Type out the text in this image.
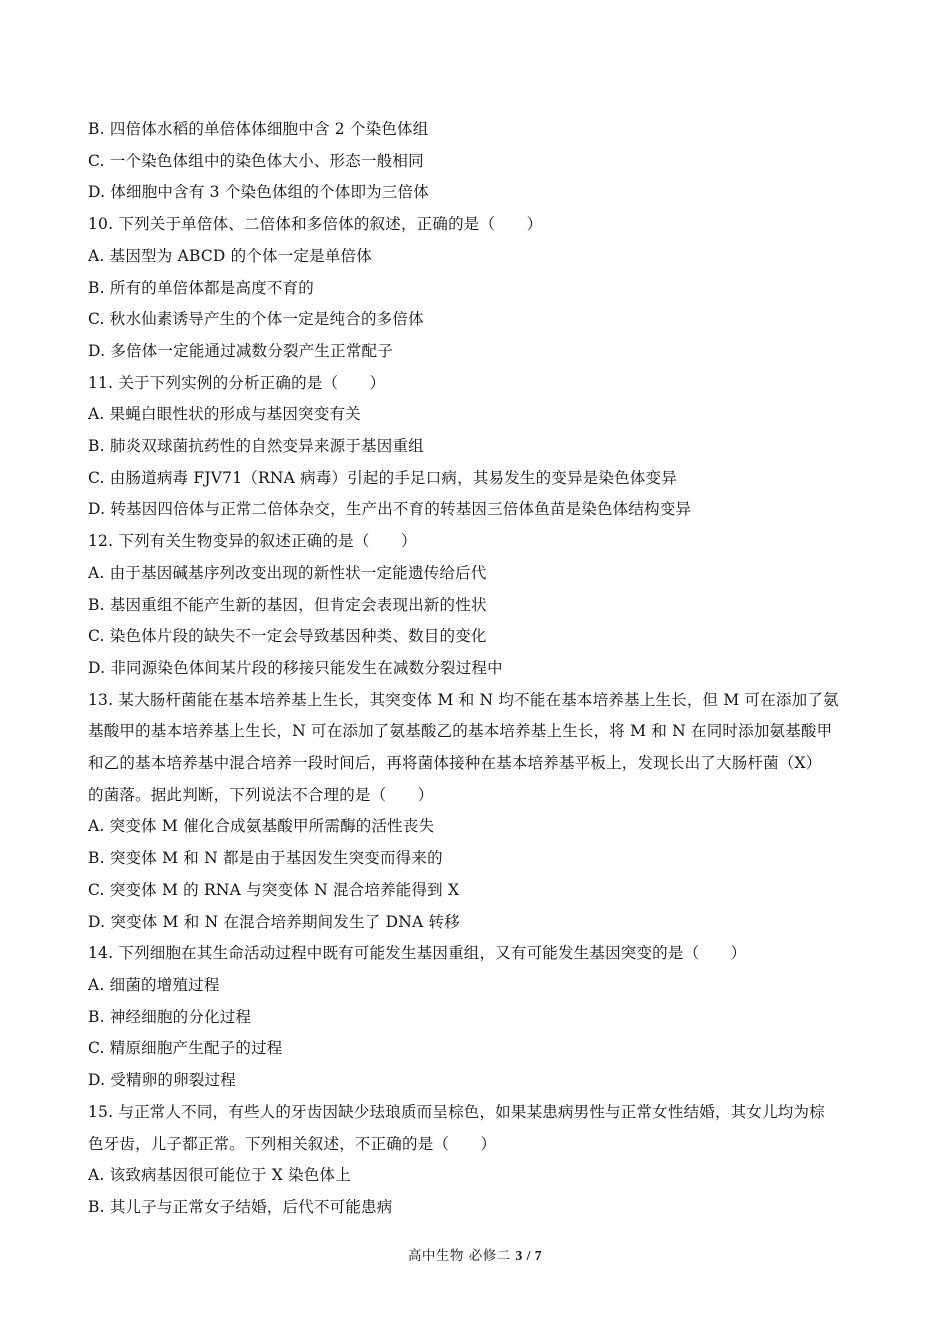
B. 四倍体水稻的单倍体体细胞中含 2 个染色体组
C. 一个染色体组中的染色体大小、形态一般相同
D. 体细胞中含有 3 个染色体组的个体即为三倍体
10. 下列关于单倍体、二倍体和多倍体的叙述，正确的是（　　）
A. 基因型为 ABCD 的个体一定是单倍体
B. 所有的单倍体都是高度不育的
C. 秋水仙素诱导产生的个体一定是纯合的多倍体
D. 多倍体一定能通过减数分裂产生正常配子
11. 关于下列实例的分析正确的是（　　）
A. 果蝇白眼性状的形成与基因突变有关
B. 肺炎双球菌抗药性的自然变异来源于基因重组
C. 由肠道病毒 FJV71（RNA 病毒）引起的手足口病，其易发生的变异是染色体变异
D. 转基因四倍体与正常二倍体杂交，生产出不育的转基因三倍体鱼苗是染色体结构变异
12. 下列有关生物变异的叙述正确的是（　　）
A. 由于基因碱基序列改变出现的新性状一定能遗传给后代
B. 基因重组不能产生新的基因，但肯定会表现出新的性状
C. 染色体片段的缺失不一定会导致基因种类、数目的变化
D. 非同源染色体间某片段的移接只能发生在减数分裂过程中
13. 某大肠杆菌能在基本培养基上生长，其突变体 M 和 N 均不能在基本培养基上生长，但 M 可在添加了氨
基酸甲的基本培养基上生长，N 可在添加了氨基酸乙的基本培养基上生长，将 M 和 N 在同时添加氨基酸甲
和乙的基本培养基中混合培养一段时间后，再将菌体接种在基本培养基平板上，发现长出了大肠杆菌（X）
的菌落。据此判断，下列说法不合理的是（　　）
A. 突变体 M 催化合成氨基酸甲所需酶的活性丧失
B. 突变体 M 和 N 都是由于基因发生突变而得来的
C. 突变体 M 的 RNA 与突变体 N 混合培养能得到 X
D. 突变体 M 和 N 在混合培养期间发生了 DNA 转移
14. 下列细胞在其生命活动过程中既有可能发生基因重组，又有可能发生基因突变的是（　　）
A. 细菌的增殖过程
B. 神经细胞的分化过程
C. 精原细胞产生配子的过程
D. 受精卵的卵裂过程
15. 与正常人不同，有些人的牙齿因缺少珐琅质而呈棕色，如果某患病男性与正常女性结婚，其女儿均为棕
色牙齿，儿子都正常。下列相关叙述，不正确的是（　　）
A. 该致病基因很可能位于 X 染色体上
B. 其儿子与正常女子结婚，后代不可能患病
高中生物 必修二 3 / 7
